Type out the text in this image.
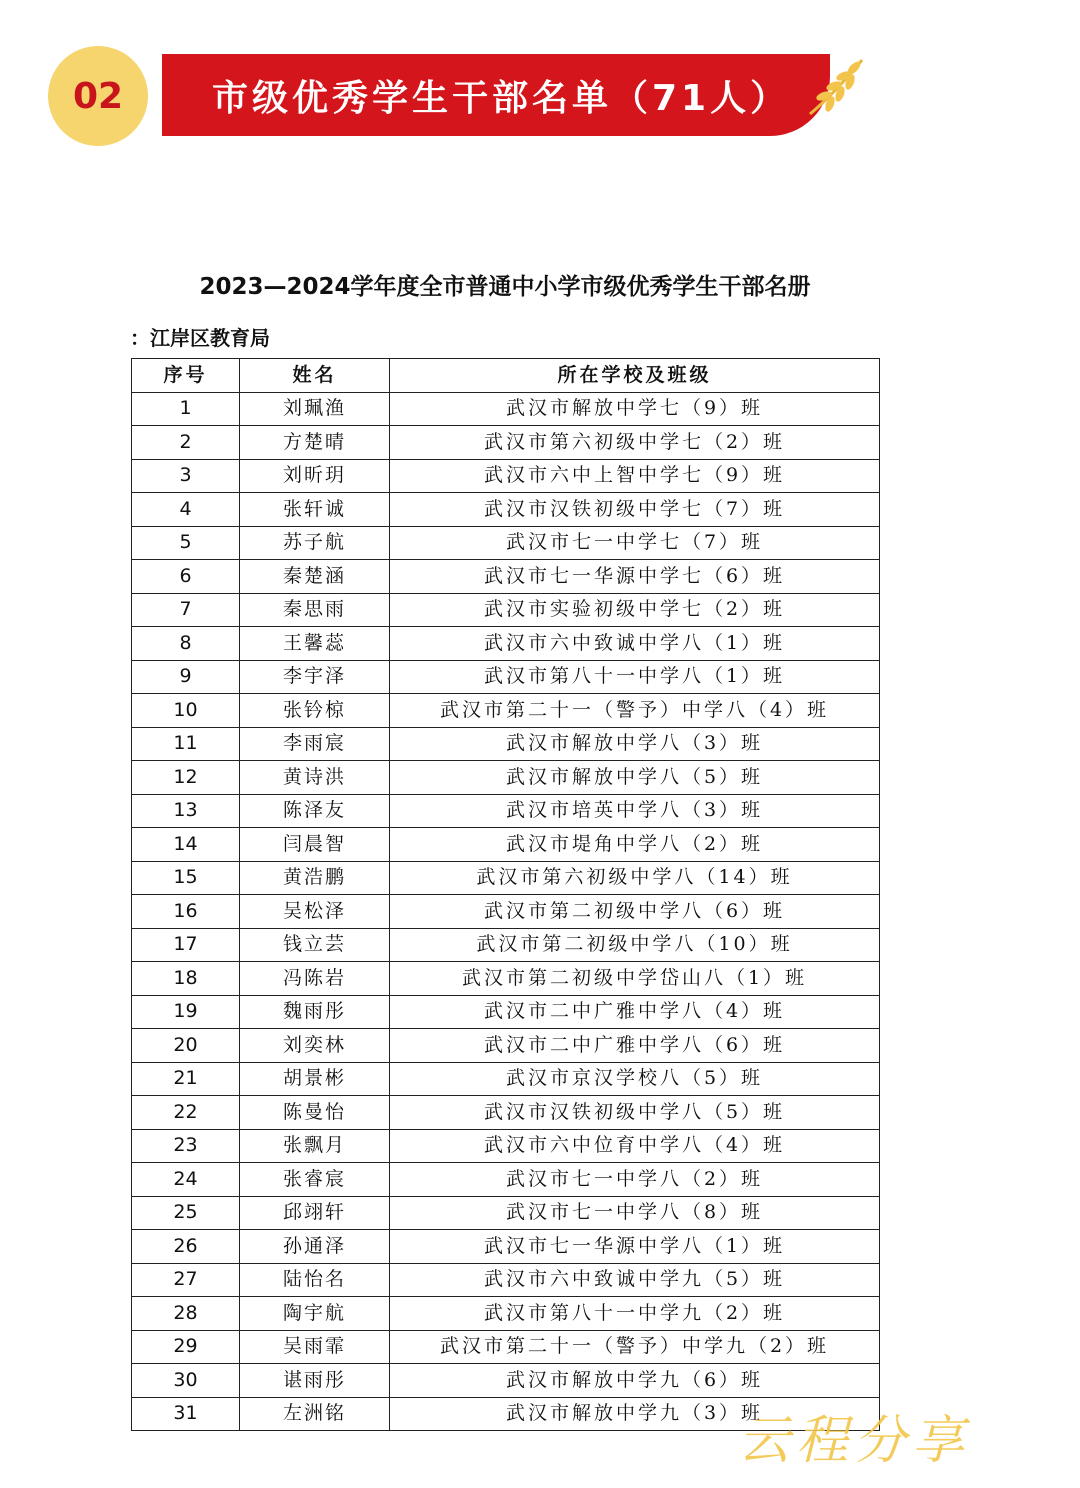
02 市级优秀学生干部名单（71人）
2023—2024学年度全市普通中小学市级优秀学生干部名册
：江岸区教育局
序号	姓名	所在学校及班级
1	刘珮渔	武汉市解放中学七（9）班
2	方楚晴	武汉市第六初级中学七（2）班
3	刘昕玥	武汉市六中上智中学七（9）班
4	张轩诚	武汉市汉铁初级中学七（7）班
5	苏子航	武汉市七一中学七（7）班
6	秦楚涵	武汉市七一华源中学七（6）班
7	秦思雨	武汉市实验初级中学七（2）班
8	王馨蕊	武汉市六中致诚中学八（1）班
9	李宇泽	武汉市第八十一中学八（1）班
10	张钤椋	武汉市第二十一（警予）中学八（4）班
11	李雨宸	武汉市解放中学八（3）班
12	黄诗洪	武汉市解放中学八（5）班
13	陈泽友	武汉市培英中学八（3）班
14	闫晨智	武汉市堤角中学八（2）班
15	黄浩鹏	武汉市第六初级中学八（14）班
16	吴松泽	武汉市第二初级中学八（6）班
17	钱立芸	武汉市第二初级中学八（10）班
18	冯陈岩	武汉市第二初级中学岱山八（1）班
19	魏雨彤	武汉市二中广雅中学八（4）班
20	刘奕林	武汉市二中广雅中学八（6）班
21	胡景彬	武汉市京汉学校八（5）班
22	陈曼怡	武汉市汉铁初级中学八（5）班
23	张飘月	武汉市六中位育中学八（4）班
24	张睿宸	武汉市七一中学八（2）班
25	邱翊轩	武汉市七一中学八（8）班
26	孙通泽	武汉市七一华源中学八（1）班
27	陆怡名	武汉市六中致诚中学九（5）班
28	陶宇航	武汉市第八十一中学九（2）班
29	吴雨霏	武汉市第二十一（警予）中学九（2）班
30	谌雨彤	武汉市解放中学九（6）班
31	左洲铭	武汉市解放中学九（3）班
云程分享
